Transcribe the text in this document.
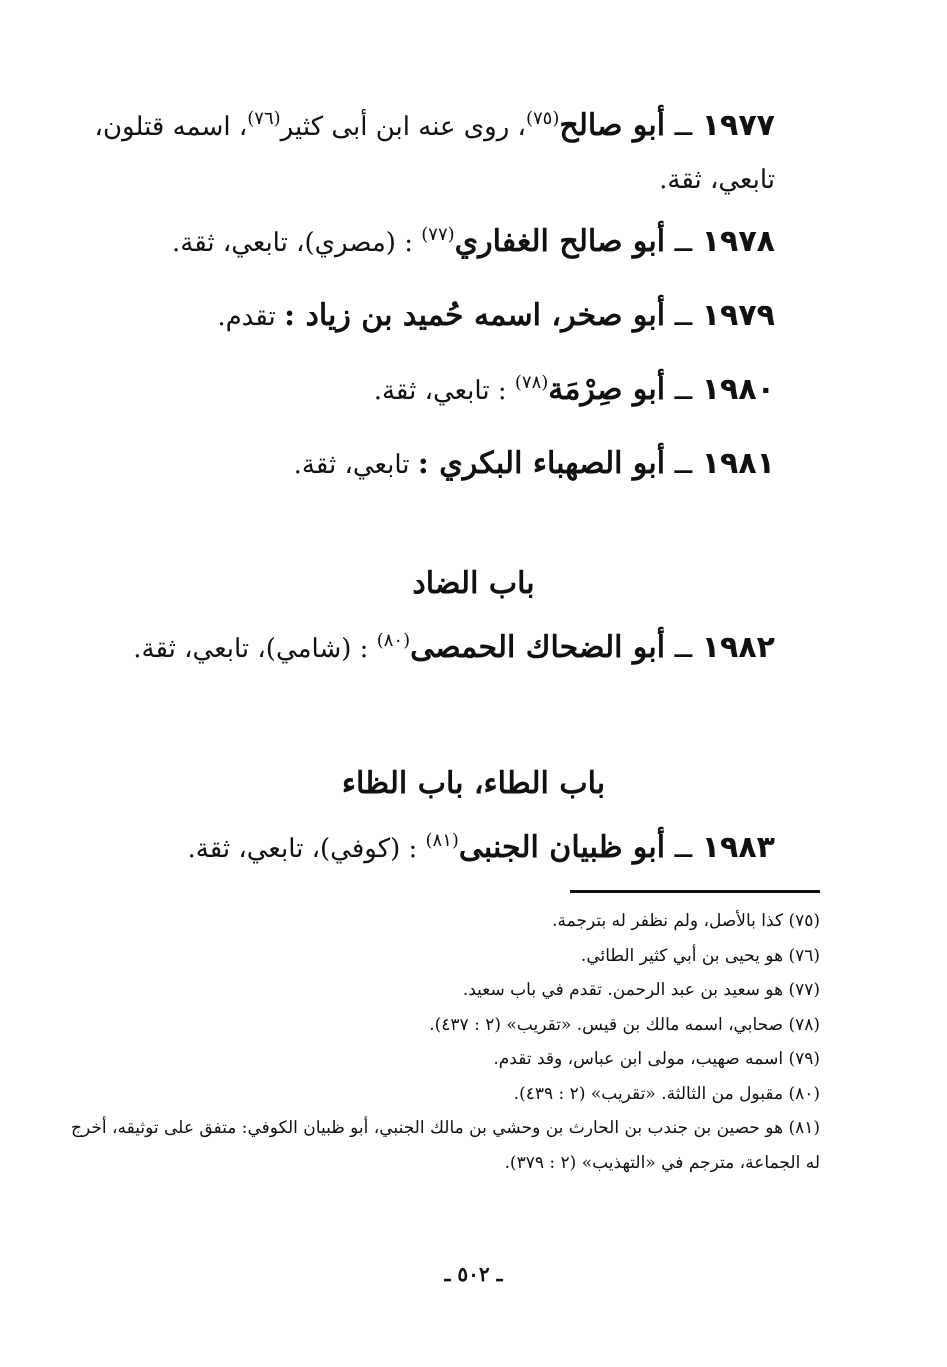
١٩٧٧ ــ أبو صالح$^{(٧٥)}$، روى عنه ابن أبى كثير$^{(٧٦)}$، اسمه قتلون، تابعي، ثقة.
١٩٧٨ ــ أبو صالح الغفاري$^{(٧٧)}$ : (مصري)، تابعي، ثقة.
١٩٧٩ ــ أبو صخر، اسمه حُميد بن زياد : تقدم.
١٩٨٠ ــ أبو صِرْمَة$^{(٧٨)}$ : تابعي، ثقة.
١٩٨١ ــ أبو الصهباء البكري : تابعي، ثقة.
باب الضاد
١٩٨٢ ــ أبو الضحاك الحمصى$^{(٨٠)}$ : (شامي)، تابعي، ثقة.
باب الطاء، باب الظاء
١٩٨٣ ــ أبو ظبيان الجنبى$^{(٨١)}$ : (كوفي)، تابعي، ثقة.

(٧٥) كذا بالأصل، ولم نظفر له بترجمة.

(٧٦) هو يحيى بن أبي كثير الطائي.

(٧٧) هو سعيد بن عبد الرحمن. تقدم في باب سعيد.

(٧٨) صحابي، اسمه مالك بن قيس. «تقريب» (٢ : ٤٣٧).

(٧٩) اسمه صهيب، مولى ابن عباس، وقد تقدم.

(٨٠) مقبول من الثالثة. «تقريب» (٢ : ٤٣٩).

(٨١) هو حصين بن جندب بن الحارث بن وحشي بن مالك الجنبي، أبو ظبيان الكوفي: متفق على توثيقه، أخرج له الجماعة، مترجم في «التهذيب» (٢ : ٣٧٩).

ـ ٥٠٢ ـ
